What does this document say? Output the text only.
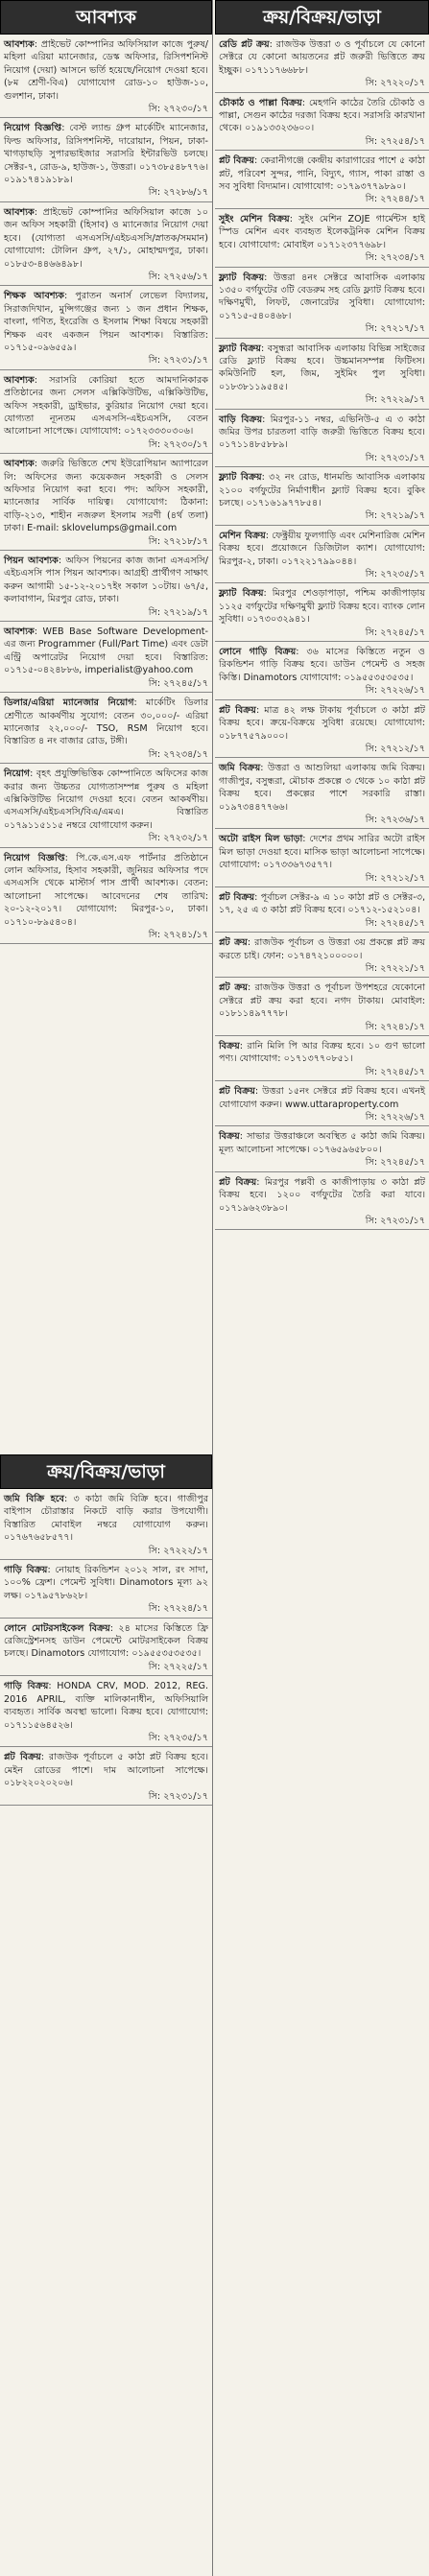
আবশ্যক
আবশ্যক: প্রাইভেট কোম্পানির অফিসিয়াল কাজে পুরুষ/মহিলা এরিয়া ম্যানেজার, ডেস্ক অফিসার, রিসিপশনিস্ট নিয়োগ (দেয়া) আসনে ভর্তি হয়েছে/নিয়োগ দেওয়া হবে। (৮ম শ্রেণী-বিএ) যোগাযোগ রোড-১০ হাউজ-১০, গুলশান, ঢাকা।
সি: ২৭২৩০/১৭
নিয়োগ বিজ্ঞপ্তি: বেস্ট ল্যান্ড গ্রুপ মার্কেটিং ম্যানেজার, ফিল্ড অফিসার, রিসিপশনিস্ট, দারোয়ান, পিয়ন, ঢাকা-খাগড়াছড়ি সুপারভাইজার সরাসরি ইন্টারভিউ চলছে। সেক্টর-৭, রোড-৯, হাউজ-১, উত্তরা। ০১৭৩৮৫৪৮৭৭৬। ০১৯১৭৪১৯১৮৯।
সি: ২৭২৮৬/১৭
আবশ্যক: প্রাইভেট কোম্পানির অফিসিয়াল কাজে ১০ জন অফিস সহকারী (হিসাব) ও ম্যানেজার নিয়োগ দেয়া হবে। (যোগ্যতা এসএসসি/এইচএসসি/স্নাতক/সমমান) যোগাযোগ: টোলিন গ্রুপ, ২৭/১, মোহাম্মদপুর, ঢাকা। ০১৮৫৩-৪৪৬৬৪৯৮।
সি: ২৭২৫৬/১৭
শিক্ষক আবশ্যক: পুরাতন অনার্স লেভেল বিদ্যালয়, সিরাজদিখান, মুন্সিগঞ্জের জন্য ১ জন প্রধান শিক্ষক, বাংলা, গণিত, ইংরেজি ও ইসলাম শিক্ষা বিষয়ে সহকারী শিক্ষক এবং একজন পিয়ন আবশ্যক। বিস্তারিত: ০১৭১৫-০৯৬৫৫৯।
সি: ২৭২৩১/১৭
আবশ্যক: সরাসরি কোরিয়া হতে আমদানিকারক প্রতিষ্ঠানের জন্য সেলস এক্সিকিউটিভ, এক্সিকিউটিভ, অফিস সহকারী, ড্রাইভার, কুরিয়ার নিয়োগ দেয়া হবে। যোগ্যতা ন্যূনতম এসএসসি-এইচএসসি, বেতন আলোচনা সাপেক্ষে। যোগাযোগ: ০১৭২৩৩৩০৩০৬।
সি: ২৭২৩০/১৭
আবশ্যক: জরুরি ভিত্তিতে শেখ ইউরোপিয়ান অ্যাপারেল লি: অফিসের জন্য কয়েকজন সহকারী ও সেলস অফিসার নিয়োগ করা হবে। পদ: অফিস সহকারী, ম্যানেজার সার্বিক দায়িত্ব। যোগাযোগ: ঠিকানা: বাড়ি-২১৩, শাহীন নজরুল ইসলাম সরণী (৪র্থ তলা) ঢাকা। E-mail: sklovelumps@gmail.com
সি: ২৭২১৮/১৭
পিয়ন আবশ্যক: অফিস পিয়নের কাজ জানা এসএসসি/এইচএসসি পাস পিয়ন আবশ্যক। আগ্রহী প্রার্থীগণ সাক্ষাৎ করুন আগামী ১৫-১২-২০১৭ইং সকাল ১০টায়। ৬৭/৫, কলাবাগান, মিরপুর রোড, ঢাকা।
সি: ২৭২১৯/১৭
আবশ্যক: WEB Base Software Development-এর জন্য Programmer (Full/Part Time) এবং ডেটা এন্ট্রি অপারেটর নিয়োগ দেয়া হবে। বিস্তারিত: ০১৭১৫-০৪২৪৮৮৬, imperialist@yahoo.com
সি: ২৭২৪৫/১৭
ডিলার/এরিয়া ম্যানেজার নিয়োগ: মার্কেটিং ডিলার শ্রেণীতে আকর্ষণীয় সুযোগ: বেতন ৩০,০০০/- এরিয়া ম্যানেজার ২২,০০০/- TSO, RSM নিয়োগ হবে। বিস্তারিত ৪ নং বাজার রোড, টঙ্গী।
সি: ২৭২৩৪/১৭
নিয়োগ: বৃহৎ প্রযুক্তিভিত্তিক কোম্পানিতে অফিসের কাজ করার জন্য উচ্চতর যোগ্যতাসম্পন্ন পুরুষ ও মহিলা এক্সিকিউটিভ নিয়োগ দেওয়া হবে। বেতন আকর্ষণীয়। এসএসসি/এইচএসসি/বিএ/এমএ। বিস্তারিত ০১৭৯১১৫১১৫ নম্বরে যোগাযোগ করুন।
সি: ২৭২৩২/১৭
নিয়োগ বিজ্ঞপ্তি: পি.কে.এস.এফ পার্টনার প্রতিষ্ঠানে লোন অফিসার, হিসাব সহকারী, জুনিয়র অফিসার পদে এসএসসি থেকে মাস্টার্স পাস প্রার্থী আবশ্যক। বেতন: আলোচনা সাপেক্ষে। আবেদনের শেষ তারিখ: ২০-১২-২০১৭। যোগাযোগ: মিরপুর-১০, ঢাকা। ০১৭১০-৮৯৫৪০৪।
সি: ২৭২৪১/১৭
ক্রয়/বিক্রয়/ভাড়া
জমি বিক্রি হবে: ৩ কাঠা জমি বিক্রি হবে। গাজীপুর বাইপাস চৌরাস্তার নিকটে বাড়ি করার উপযোগী। বিস্তারিত মোবাইল নম্বরে যোগাযোগ করুন। ০১৭৬৭৬৫৮৫৭৭।
সি: ২৭২২২/১৭
গাড়ি বিক্রয়: নোয়াহ রিকন্ডিশন ২০১২ সাল, রং সাদা, ১০০% ফ্রেশ। পেমেন্ট সুবিধা। Dinamotors মূল্য ৯২ লক্ষ। ০১৭৯৫৭৮৬২৮।
সি: ২৭২২৪/১৭
লোনে মোটরসাইকেল বিক্রয়: ২৪ মাসের কিস্তিতে ফ্রি রেজিস্ট্রেশনসহ ডাউন পেমেন্টে মোটরসাইকেল বিক্রয় চলছে। Dinamotors যোগাযোগ: ০১৯৫৫৩৫৩৫৩৫।
সি: ২৭২২৫/১৭
গাড়ি বিক্রয়: HONDA CRV, MOD. 2012, REG. 2016 APRIL, ব্যক্তি মালিকানাধীন, অফিসিয়ালি ব্যবহৃত। সার্বিক অবস্থা ভালো। বিক্রয় হবে। যোগাযোগ: ০১৭১১৫৬৪৫২৬।
সি: ২৭২৩৫/১৭
প্লট বিক্রয়: রাজউক পূর্বাচলে ৫ কাঠা প্লট বিক্রয় হবে। মেইন রোডের পাশে। দাম আলোচনা সাপেক্ষে। ০১৮২২০২০২০৬।
সি: ২৭২৩১/১৭
ক্রয়/বিক্রয়/ভাড়া
রেডি প্লট ক্রয়: রাজউক উত্তরা ৩ ও পূর্বাচলে যে কোনো সেক্টরে যে কোনো আয়তনের প্লট জরুরী ভিত্তিতে ক্রয় ইচ্ছুক। ০১৭১১৭৬৬৮৮।
সি: ২৭২২০/১৭
চৌকাঠ ও পাল্লা বিক্রয়: মেহগনি কাঠের তৈরি চৌকাঠ ও পাল্লা, সেগুন কাঠের দরজা বিক্রয় হবে। সরাসরি কারখানা থেকে। ০১৯১৩৩২৩৬০০।
সি: ২৭২৫৪/১৭
প্লট বিক্রয়: কেরানীগঞ্জে কেন্দ্রীয় কারাগারের পাশে ৫ কাঠা প্লট, পরিবেশ সুন্দর, পানি, বিদ্যুৎ, গ্যাস, পাকা রাস্তা ও সব সুবিধা বিদ্যমান। যোগাযোগ: ০১৭৯৩৭৭৯৮৯০।
সি: ২৭২৪৪/১৭
সুইং মেশিন বিক্রয়: সুইং মেশিন ZOJE গার্মেন্টস হাই স্পিড মেশিন এবং ব্যবহৃত ইলেকট্রনিক মেশিন বিক্রয় হবে। যোগাযোগ: মোবাইল ০১৭১২৩৭৭৬৯৮।
সি: ২৭২৩৪/১৭
ফ্ল্যাট বিক্রয়: উত্তরা ৪নং সেক্টরে আবাসিক এলাকায় ১৩৫০ বর্গফুটের ৩টি বেডরুম সহ রেডি ফ্ল্যাট বিক্রয় হবে। দক্ষিণমুখী, লিফট, জেনারেটর সুবিধা। যোগাযোগ: ০১৭১৫-৫৪০৪৬৮।
সি: ২৭২১৭/১৭
ফ্ল্যাট বিক্রয়: বসুন্ধরা আবাসিক এলাকায় বিভিন্ন সাইজের রেডি ফ্ল্যাট বিক্রয় হবে। উচ্চমানসম্পন্ন ফিটিংস। কমিউনিটি হল, জিম, সুইমিং পুল সুবিধা। ০১৮৩৮১১৯৫৪৫।
সি: ২৭২২৯/১৭
বাড়ি বিক্রয়: মিরপুর-১১ নম্বর, এভিনিউ-৫ এ ৩ কাঠা জমির উপর চারতলা বাড়ি জরুরী ভিত্তিতে বিক্রয় হবে। ০১৭১১৪৮৫৮৮৯।
সি: ২৭২৩১/১৭
ফ্ল্যাট বিক্রয়: ৩২ নং রোড, ধানমন্ডি আবাসিক এলাকায় ২১০০ বর্গফুটের নির্মাণাধীন ফ্ল্যাট বিক্রয় হবে। বুকিং চলছে। ০১৭১৬১৯৭৭৮৫৪।
সি: ২৭২১৯/১৭
মেশিন বিক্রয়: ফেক্ট্রয়ীয় ফুলগাড়ি এবং মেশিনারিজ মেশিন বিক্রয় হবে। প্রয়োজনে ডিজিটাল ক্যাশ। যোগাযোগ: মিরপুর-২, ঢাকা। ০১৭২২১৭৯৯০৪৪।
সি: ২৭২৩৫/১৭
ফ্ল্যাট বিক্রয়: মিরপুর শেওড়াপাড়া, পশ্চিম কাজীপাড়ায় ১১২৫ বর্গফুটের দক্ষিণমুখী ফ্ল্যাট বিক্রয় হবে। ব্যাংক লোন সুবিধা। ০১৭৩০৩২৯৪১।
সি: ২৭২৪৫/১৭
লোনে গাড়ি বিক্রয়: ৩৬ মাসের কিস্তিতে নতুন ও রিকন্ডিশন গাড়ি বিক্রয় হবে। ডাউন পেমেন্ট ও সহজ কিস্তি। Dinamotors যোগাযোগ: ০১৯৫৫৩৫৩৫৩৫।
সি: ২৭২২৬/১৭
প্লট বিক্রয়: মাত্র ৪২ লক্ষ টাকায় পূর্বাচলে ৩ কাঠা প্লট বিক্রয় হবে। ক্রয়ে-বিক্রয়ে সুবিধা রয়েছে। যোগাযোগ: ০১৮৭৭৫৭৯০০০।
সি: ২৭২১২/১৭
জমি বিক্রয়: উত্তরা ও আশুলিয়া এলাকায় জমি বিক্রয়। গাজীপুর, বসুন্ধরা, মৌচাক প্রকল্পে ৩ থেকে ১০ কাঠা প্লট বিক্রয় হবে। প্রকল্পের পাশে সরকারি রাস্তা। ০১৯৭৩৪৪৭৭৬৬।
সি: ২৭২৩৬/১৭
অটো রাইস মিল ভাড়া: দেশের প্রথম সারির অটো রাইস মিল ভাড়া দেওয়া হবে। মাসিক ভাড়া আলোচনা সাপেক্ষে। যোগাযোগ: ০১৭৩৩৬৭৩৫৭৭।
সি: ২৭২১২/১৭
প্লট বিক্রয়: পূর্বাচল সেক্টর-৯ এ ১০ কাঠা প্লট ও সেক্টর-৩, ১৭, ২৫ এ ৩ কাঠা প্লট বিক্রয় হবে। ০১৭১২-১৫২১০৪।
সি: ২৭২৪৫/১৭
প্লট ক্রয়: রাজউক পূর্বাচল ও উত্তরা ৩য় প্রকল্পে প্লট ক্রয় করতে চাই। ফোন: ০১৭৪৭২১০০০০০।
সি: ২৭২২১/১৭
প্লট ক্রয়: রাজউক উত্তরা ও পূর্বাচল উপশহরে যেকোনো সেক্টরে প্লট ক্রয় করা হবে। নগদ টাকায়। মোবাইল: ০১৮১১৪৯৭৭৭৮।
সি: ২৭২৪১/১৭
বিক্রয়: রানি মিলি পি আর বিক্রয় হবে। ১০ গুণ ভালো পণ্য। যোগাযোগ: ০১৭১৩৭৭০৮৫১।
সি: ২৭২৪৫/১৭
প্লট বিক্রয়: উত্তরা ১৫নং সেক্টরে প্লট বিক্রয় হবে। এখনই যোগাযোগ করুন। www.uttaraproperty.com
সি: ২৭২২৬/১৭
বিক্রয়: সাভার উত্তরাঞ্চলে অবস্থিত ৫ কাঠা জমি বিক্রয়। মূল্য আলোচনা সাপেক্ষে। ০১৭৬৫৯৬৫৮০০।
সি: ২৭২৪৫/১৭
প্লট বিক্রয়: মিরপুর পল্লবী ও কাজীপাড়ায় ৩ কাঠা প্লট বিক্রয় হবে। ১২০০ বর্গফুটের তৈরি করা যাবে। ০১৭১৯৬২৩৮৯০।
সি: ২৭২৩১/১৭
